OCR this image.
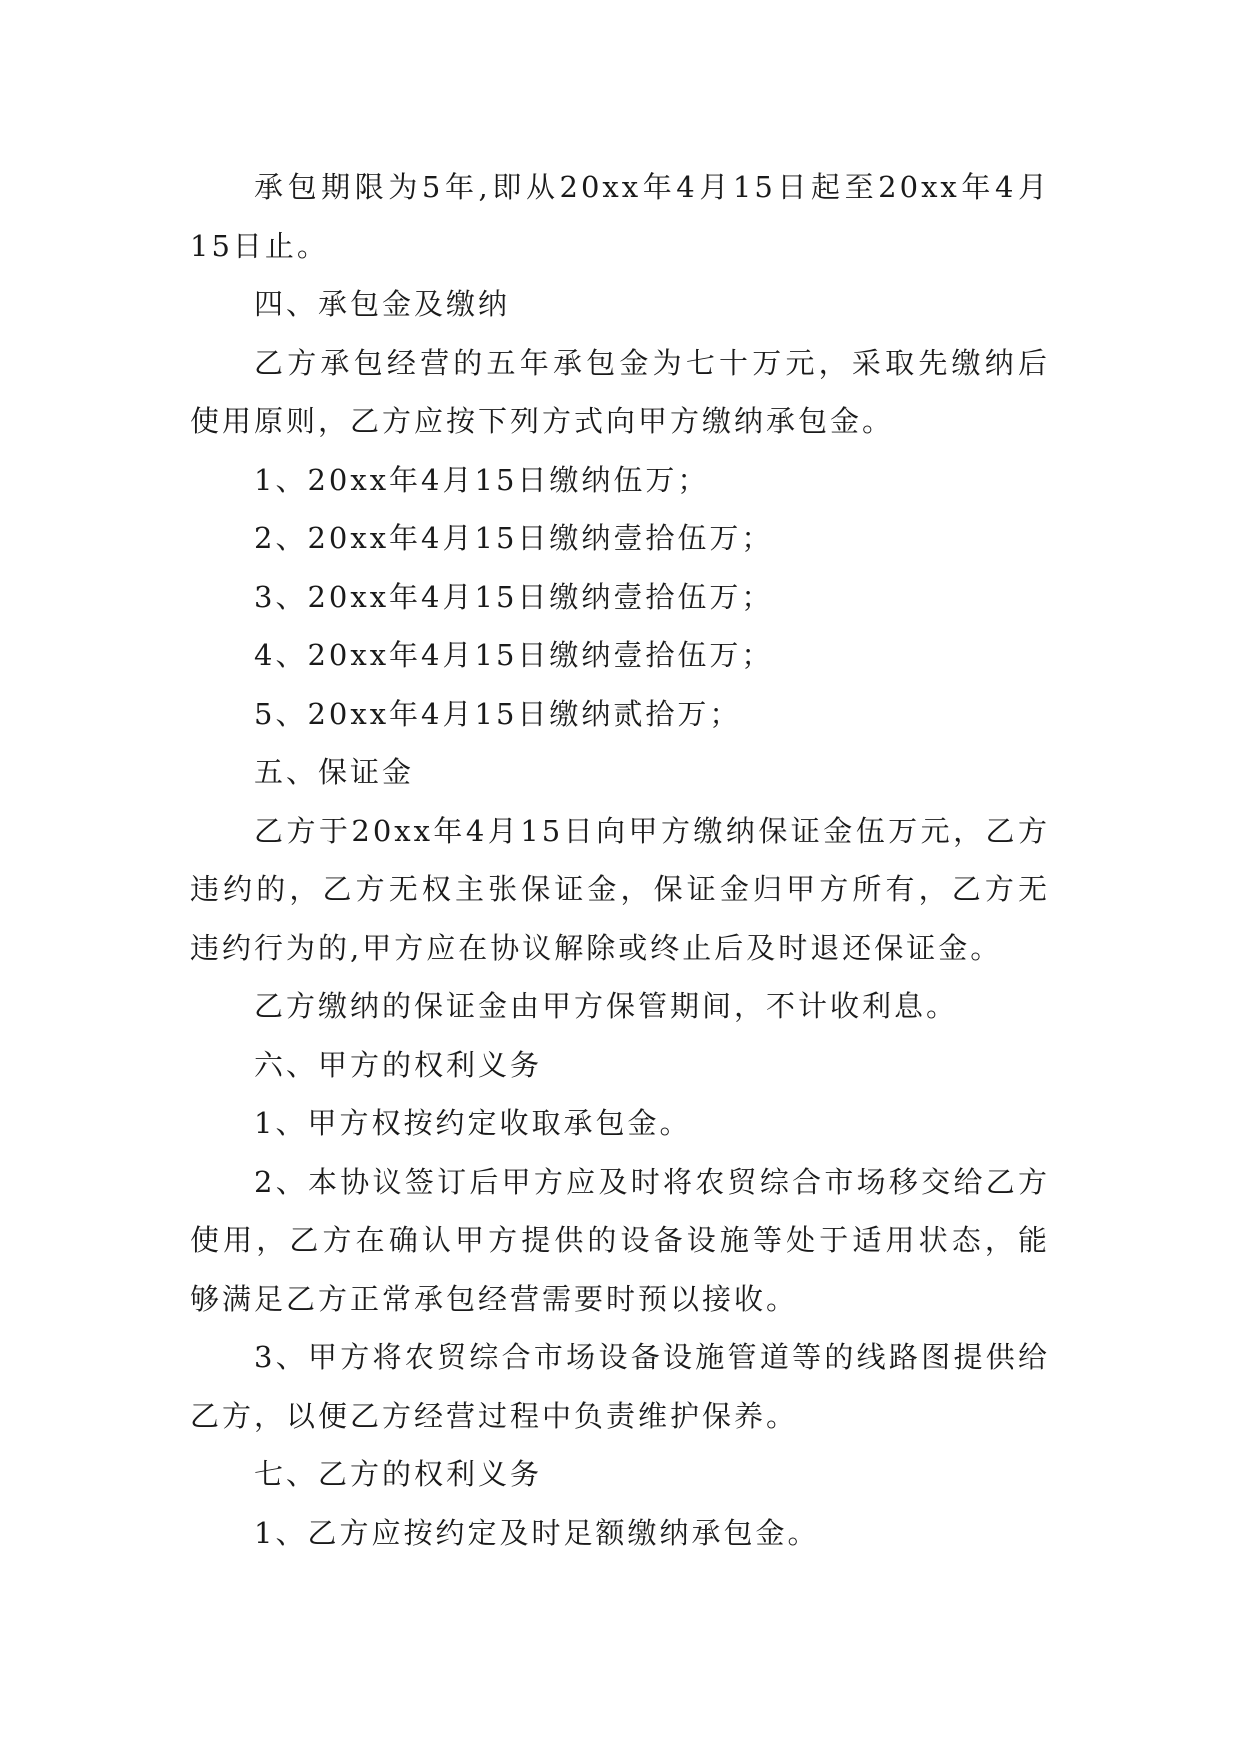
承包期限为5年,即从20xx年4月15日起至20xx年4月15日止。

四、承包金及缴纳

乙方承包经营的五年承包金为七十万元，采取先缴纳后使用原则，乙方应按下列方式向甲方缴纳承包金。

1、20xx年4月15日缴纳伍万；

2、20xx年4月15日缴纳壹拾伍万；

3、20xx年4月15日缴纳壹拾伍万；

4、20xx年4月15日缴纳壹拾伍万；

5、20xx年4月15日缴纳贰拾万；

五、保证金

乙方于20xx年4月15日向甲方缴纳保证金伍万元，乙方违约的，乙方无权主张保证金，保证金归甲方所有，乙方无违约行为的,甲方应在协议解除或终止后及时退还保证金。

乙方缴纳的保证金由甲方保管期间，不计收利息。

六、甲方的权利义务

1、甲方权按约定收取承包金。

2、本协议签订后甲方应及时将农贸综合市场移交给乙方使用，乙方在确认甲方提供的设备设施等处于适用状态，能够满足乙方正常承包经营需要时预以接收。

3、甲方将农贸综合市场设备设施管道等的线路图提供给乙方，以便乙方经营过程中负责维护保养。

七、乙方的权利义务

1、乙方应按约定及时足额缴纳承包金。
